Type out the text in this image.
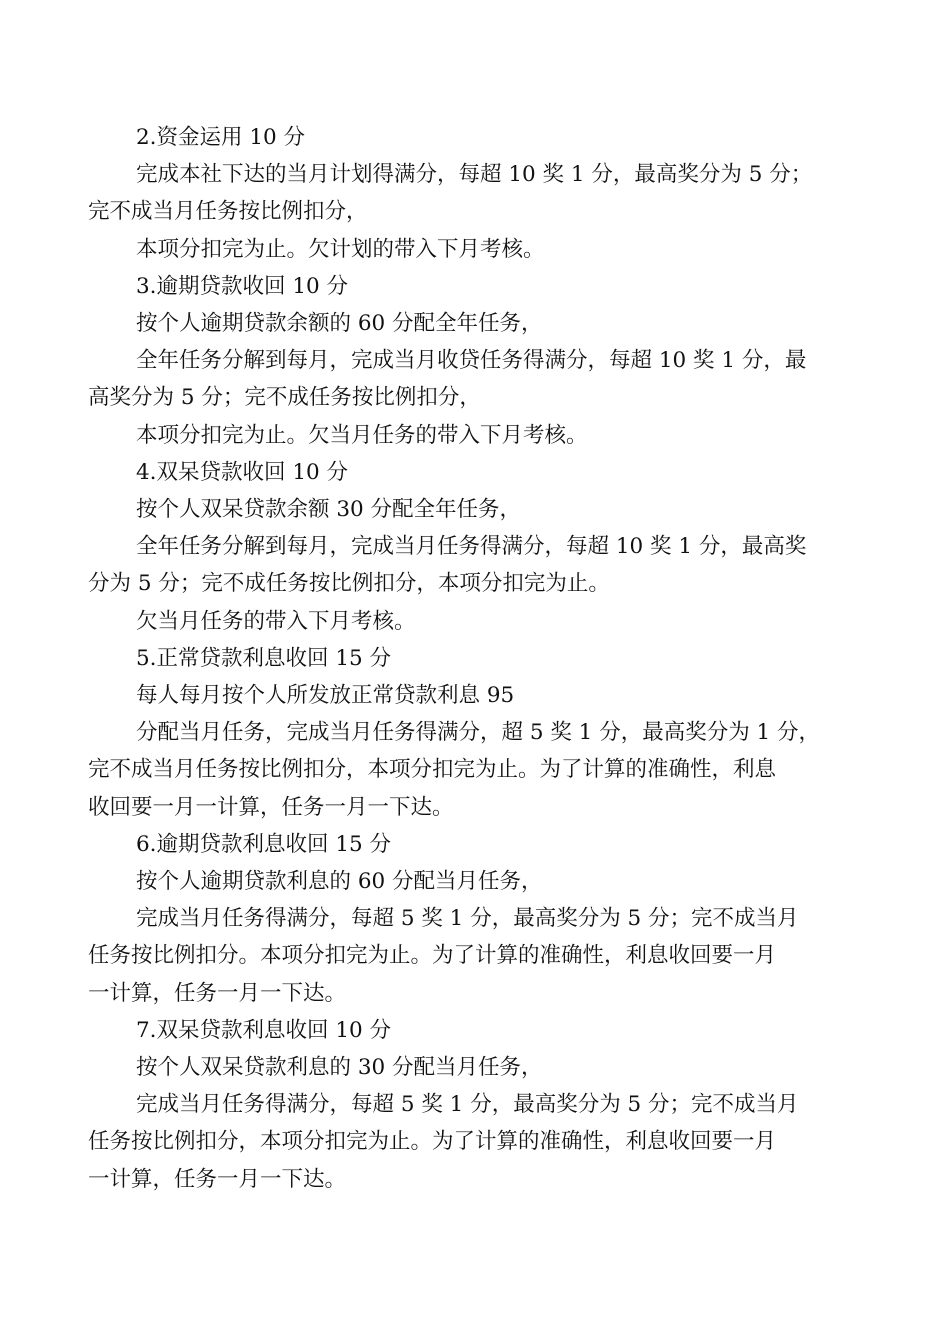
2.资金运用 10 分

完成本社下达的当月计划得满分，每超 10 奖 1 分，最高奖分为 5 分；

完不成当月任务按比例扣分，

本项分扣完为止。欠计划的带入下月考核。

3.逾期贷款收回 10 分

按个人逾期贷款余额的 60 分配全年任务，

全年任务分解到每月，完成当月收贷任务得满分，每超 10 奖 1 分，最

高奖分为 5 分；完不成任务按比例扣分，

本项分扣完为止。欠当月任务的带入下月考核。

4.双呆贷款收回 10 分

按个人双呆贷款余额 30 分配全年任务，

全年任务分解到每月，完成当月任务得满分，每超 10 奖 1 分，最高奖

分为 5 分；完不成任务按比例扣分，本项分扣完为止。

欠当月任务的带入下月考核。

5.正常贷款利息收回 15 分

每人每月按个人所发放正常贷款利息 95

分配当月任务，完成当月任务得满分，超 5 奖 1 分，最高奖分为 1 分，

完不成当月任务按比例扣分，本项分扣完为止。为了计算的准确性，利息

收回要一月一计算，任务一月一下达。

6.逾期贷款利息收回 15 分

按个人逾期贷款利息的 60 分配当月任务，

完成当月任务得满分，每超 5 奖 1 分，最高奖分为 5 分；完不成当月

任务按比例扣分。本项分扣完为止。为了计算的准确性，利息收回要一月

一计算，任务一月一下达。

7.双呆贷款利息收回 10 分

按个人双呆贷款利息的 30 分配当月任务，

完成当月任务得满分，每超 5 奖 1 分，最高奖分为 5 分；完不成当月

任务按比例扣分，本项分扣完为止。为了计算的准确性，利息收回要一月

一计算，任务一月一下达。
